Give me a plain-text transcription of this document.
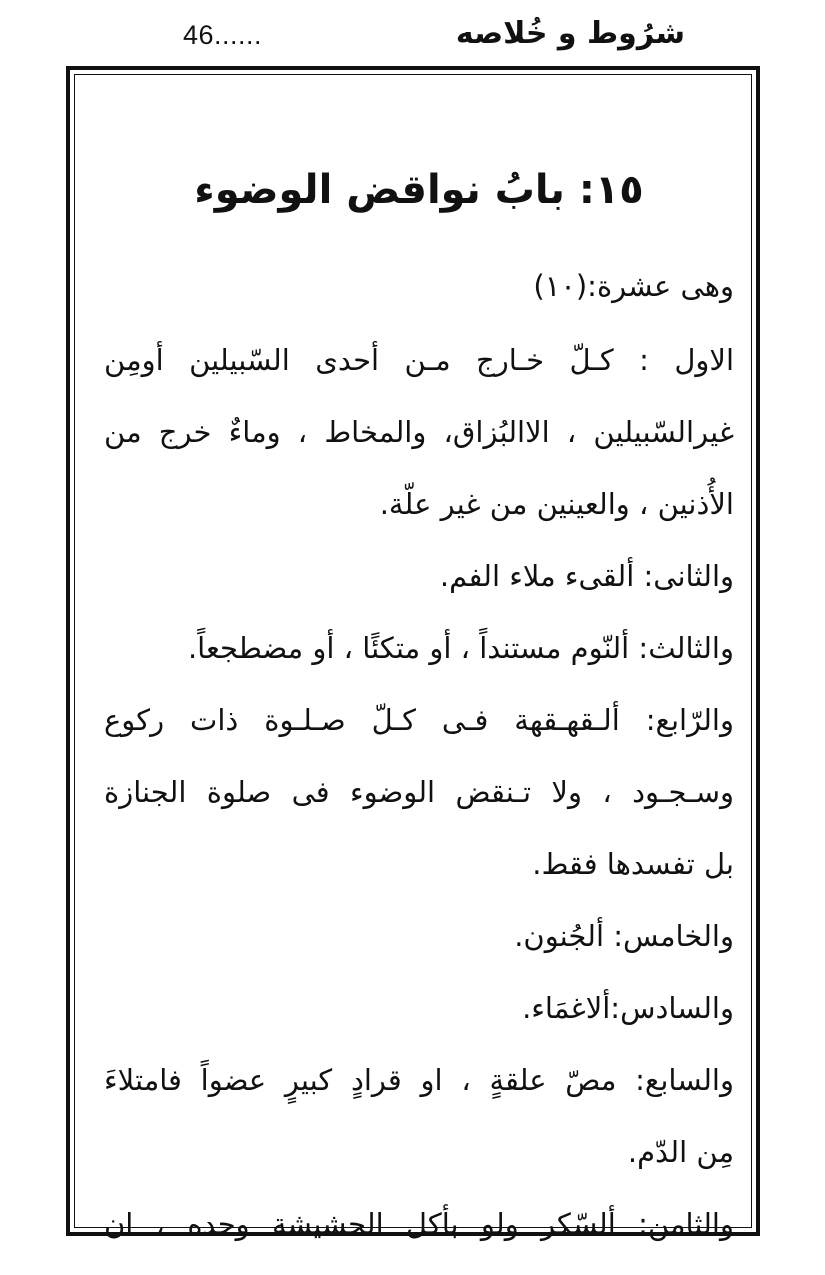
46......	شرُوط و خُلاصه
١٥: بابُ نواقض الوضوء
وهى عشرة:(١٠)
الاول : كـلّ خـارج مـن أحدى السّبيلين أومِن
غيرالسّبيلين ، الاالبُزاق، والمخاط ، وماءٌ خرج من
الأُذنين ، والعينين من غير علّة.
والثانى: ألقىء ملاء الفم.
والثالث: ألنّوم مستنداً ، أو متكئًا ، أو مضطجعاً.
والرّابع: ألـقهـقهة فـى كـلّ صـلـوة ذات ركوع
وسـجـود ، ولا تـنقض الوضوء فى صلوة الجنازة
بل تفسدها فقط.
والخامس: ألجُنون.
والسادس:ألاغمَاء.
والسابع: مصّ علقةٍ ، او قرادٍ كبيرٍ عضواً فامتلاءَ
مِن الدّم.
والثامن: ألسّكر ولو بأكل الحشيشة وحده ، ان
